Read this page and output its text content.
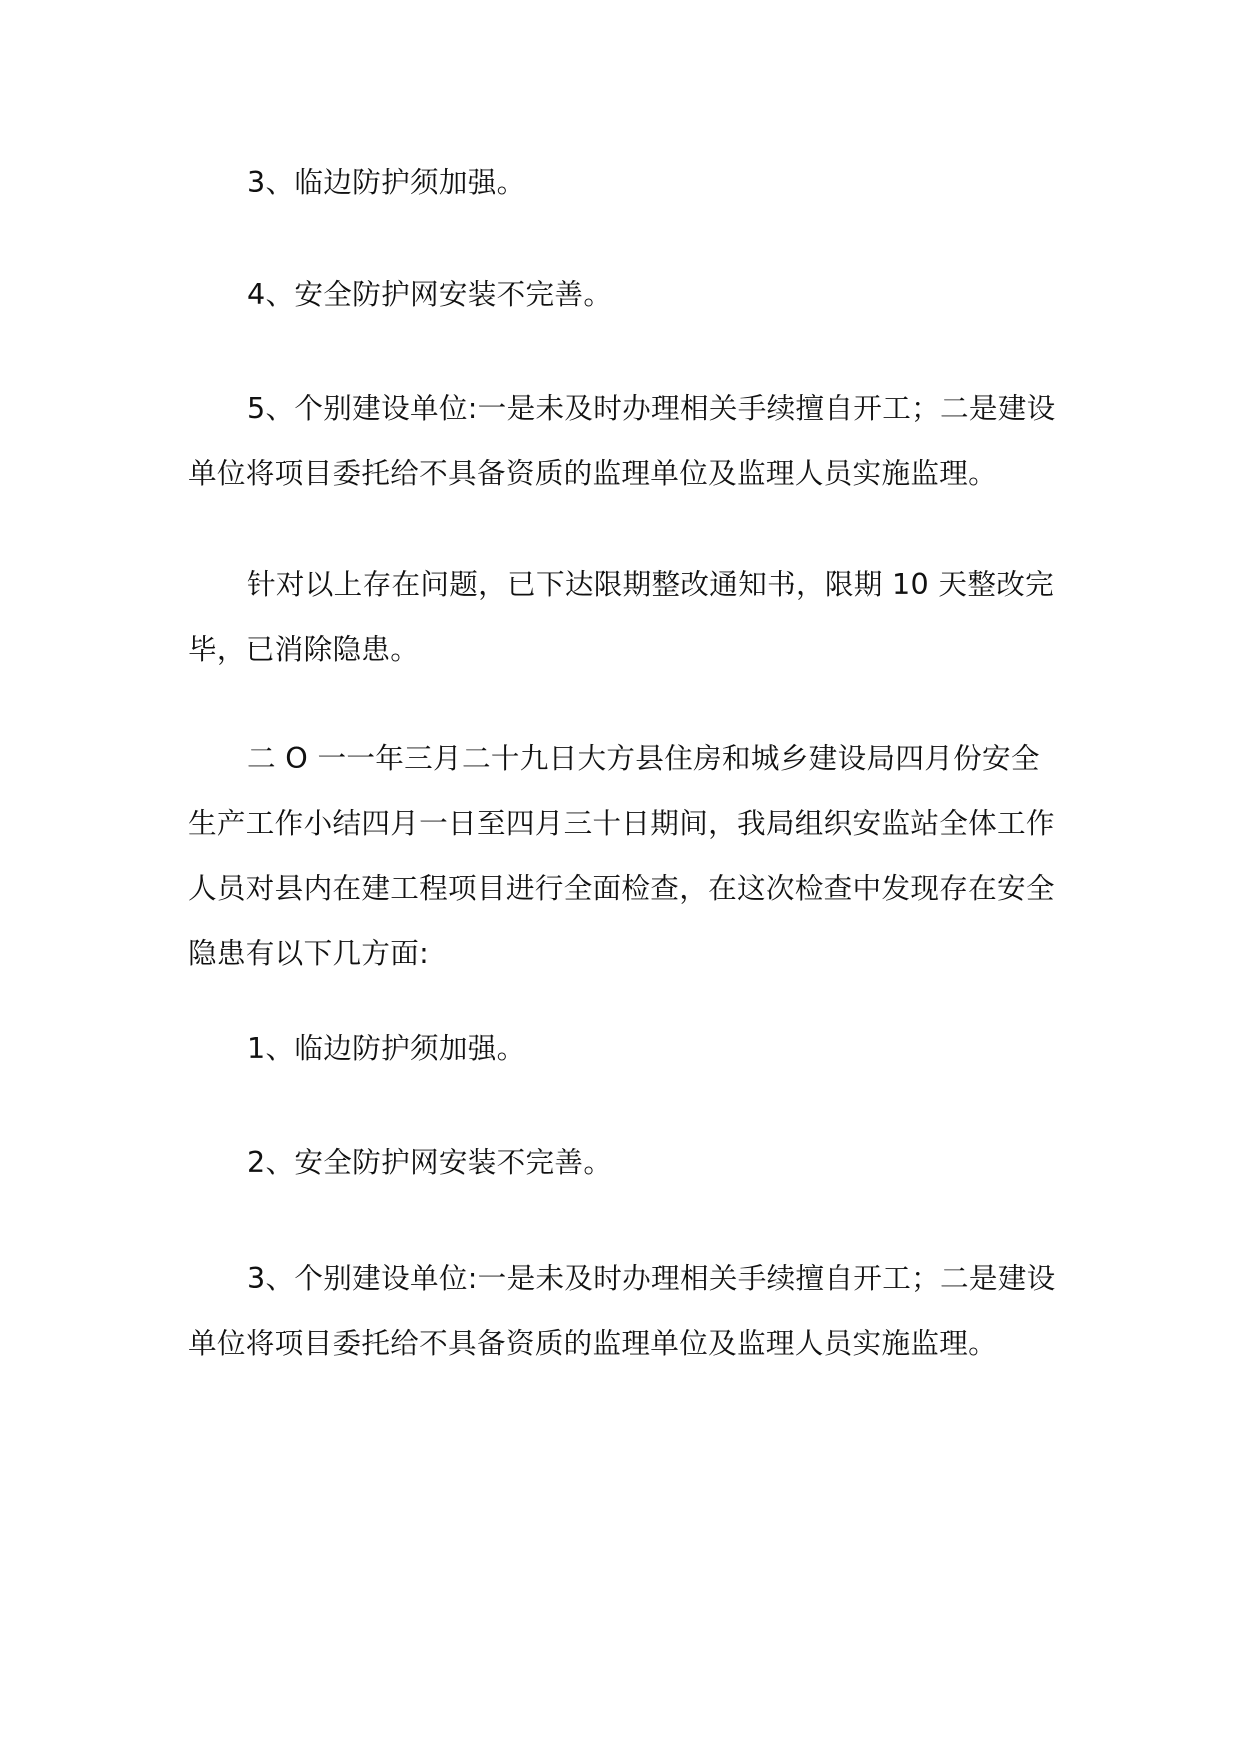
3、临边防护须加强。

4、安全防护网安装不完善。

5、个别建设单位:一是未及时办理相关手续擅自开工；二是建设单位将项目委托给不具备资质的监理单位及监理人员实施监理。

针对以上存在问题，已下达限期整改通知书，限期 10 天整改完毕，已消除隐患。

二 O 一一年三月二十九日大方县住房和城乡建设局四月份安全生产工作小结四月一日至四月三十日期间，我局组织安监站全体工作人员对县内在建工程项目进行全面检查，在这次检查中发现存在安全隐患有以下几方面:

1、临边防护须加强。

2、安全防护网安装不完善。

3、个别建设单位:一是未及时办理相关手续擅自开工；二是建设单位将项目委托给不具备资质的监理单位及监理人员实施监理。
